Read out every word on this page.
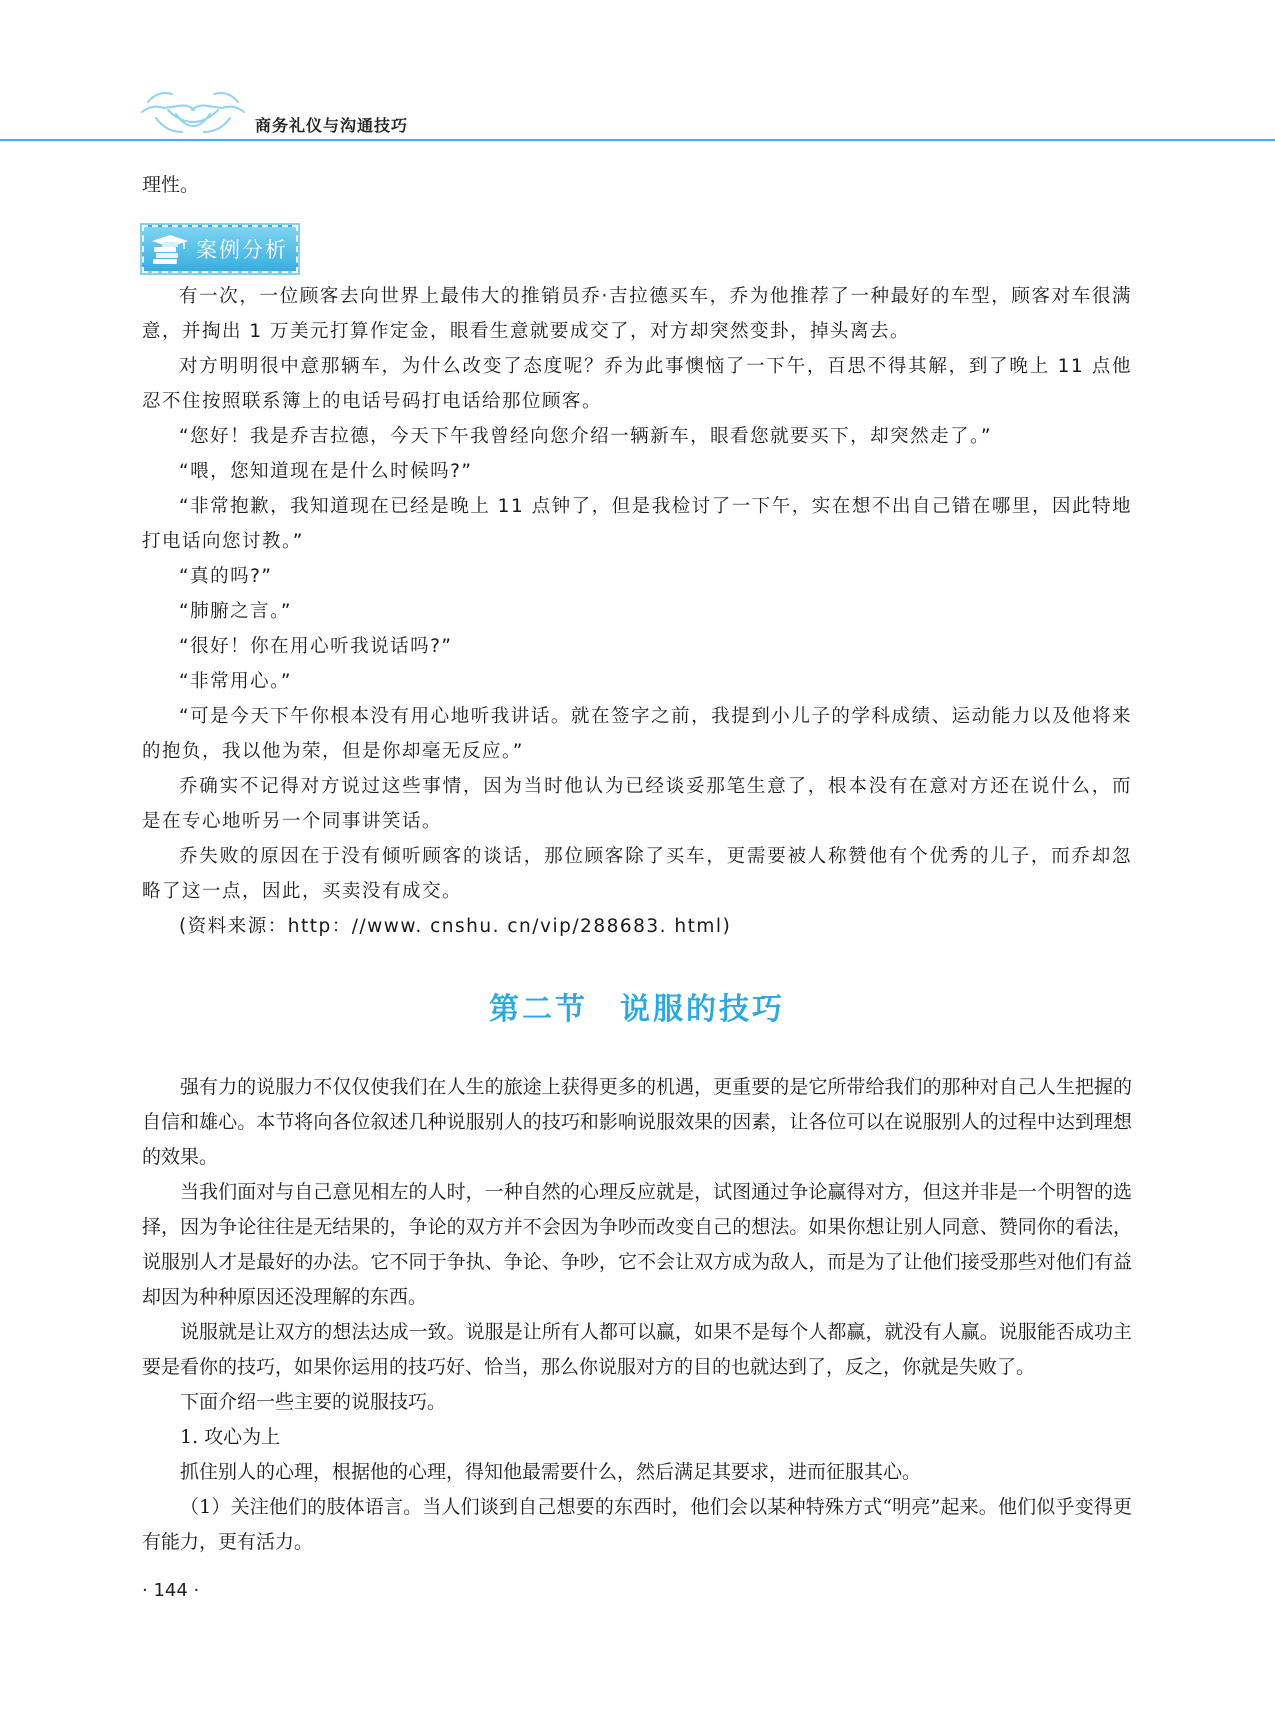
商务礼仪与沟通技巧

理性。

案例分析

有一次，一位顾客去向世界上最伟大的推销员乔·吉拉德买车，乔为他推荐了一种最好的车型，顾客对车很满意，并掏出 1 万美元打算作定金，眼看生意就要成交了，对方却突然变卦，掉头离去。

对方明明很中意那辆车，为什么改变了态度呢？乔为此事懊恼了一下午，百思不得其解，到了晚上 11 点他忍不住按照联系簿上的电话号码打电话给那位顾客。

“您好！我是乔吉拉德，今天下午我曾经向您介绍一辆新车，眼看您就要买下，却突然走了。”

“喂，您知道现在是什么时候吗?”

“非常抱歉，我知道现在已经是晚上 11 点钟了，但是我检讨了一下午，实在想不出自己错在哪里，因此特地打电话向您讨教。”

“真的吗?”

“肺腑之言。”

“很好！你在用心听我说话吗?”

“非常用心。”

“可是今天下午你根本没有用心地听我讲话。就在签字之前，我提到小儿子的学科成绩、运动能力以及他将来的抱负，我以他为荣，但是你却毫无反应。”

乔确实不记得对方说过这些事情，因为当时他认为已经谈妥那笔生意了，根本没有在意对方还在说什么，而是在专心地听另一个同事讲笑话。

乔失败的原因在于没有倾听顾客的谈话，那位顾客除了买车，更需要被人称赞他有个优秀的儿子，而乔却忽略了这一点，因此，买卖没有成交。

(资料来源：http：//www. cnshu. cn/vip/288683. html)

第二节 说服的技巧

强有力的说服力不仅仅使我们在人生的旅途上获得更多的机遇，更重要的是它所带给我们的那种对自己人生把握的自信和雄心。本节将向各位叙述几种说服别人的技巧和影响说服效果的因素，让各位可以在说服别人的过程中达到理想的效果。

当我们面对与自己意见相左的人时，一种自然的心理反应就是，试图通过争论赢得对方，但这并非是一个明智的选择，因为争论往往是无结果的，争论的双方并不会因为争吵而改变自己的想法。如果你想让别人同意、赞同你的看法，说服别人才是最好的办法。它不同于争执、争论、争吵，它不会让双方成为敌人，而是为了让他们接受那些对他们有益却因为种种原因还没理解的东西。

说服就是让双方的想法达成一致。说服是让所有人都可以赢，如果不是每个人都赢，就没有人赢。说服能否成功主要是看你的技巧，如果你运用的技巧好、恰当，那么你说服对方的目的也就达到了，反之，你就是失败了。

下面介绍一些主要的说服技巧。

1. 攻心为上

抓住别人的心理，根据他的心理，得知他最需要什么，然后满足其要求，进而征服其心。

（1）关注他们的肢体语言。当人们谈到自己想要的东西时，他们会以某种特殊方式“明亮”起来。他们似乎变得更有能力，更有活力。

· 144 ·
